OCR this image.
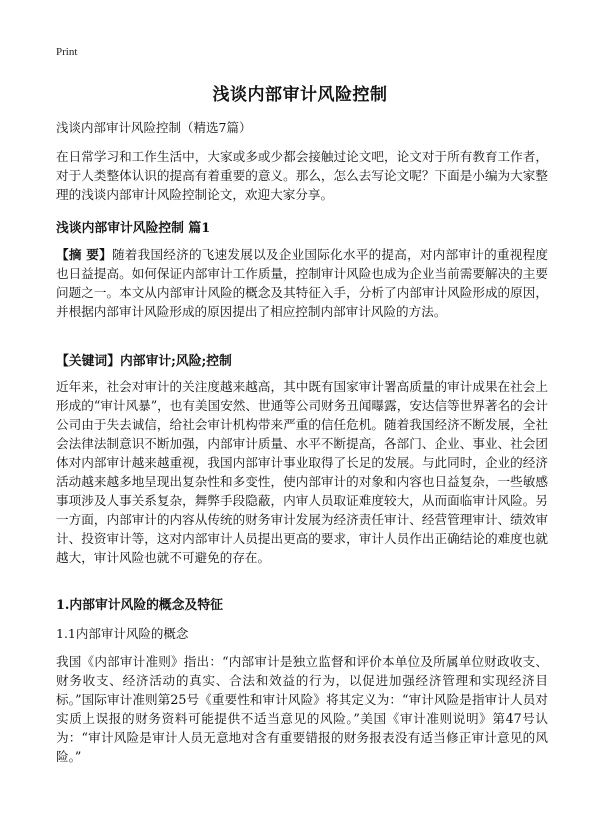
Print
浅谈内部审计风险控制
浅谈内部审计风险控制（精选7篇）

在日常学习和工作生活中，大家或多或少都会接触过论文吧，论文对于所有教育工作者，对于人类整体认识的提高有着重要的意义。那么，怎么去写论文呢？下面是小编为大家整理的浅谈内部审计风险控制论文，欢迎大家分享。

浅谈内部审计风险控制 篇1

【摘 要】随着我国经济的飞速发展以及企业国际化水平的提高，对内部审计的重视程度也日益提高。如何保证内部审计工作质量，控制审计风险也成为企业当前需要解决的主要问题之一。本文从内部审计风险的概念及其特征入手，分析了内部审计风险形成的原因，并根据内部审计风险形成的原因提出了相应控制内部审计风险的方法。

【关键词】内部审计;风险;控制

近年来，社会对审计的关注度越来越高，其中既有国家审计署高质量的审计成果在社会上形成的“审计风暴”，也有美国安然、世通等公司财务丑闻曝露，安达信等世界著名的会计公司由于失去诚信，给社会审计机构带来严重的信任危机。随着我国经济不断发展，全社会法律法制意识不断加强，内部审计质量、水平不断提高，各部门、企业、事业、社会团体对内部审计越来越重视，我国内部审计事业取得了长足的发展。与此同时，企业的经济活动越来越多地呈现出复杂性和多变性，使内部审计的对象和内容也日益复杂，一些敏感事项涉及人事关系复杂，舞弊手段隐蔽，内审人员取证难度较大，从而面临审计风险。另一方面，内部审计的内容从传统的财务审计发展为经济责任审计、经营管理审计、绩效审计、投资审计等，这对内部审计人员提出更高的要求，审计人员作出正确结论的难度也就越大，审计风险也就不可避免的存在。

1.内部审计风险的概念及特征
1.1内部审计风险的概念

我国《内部审计准则》指出：“内部审计是独立监督和评价本单位及所属单位财政收支、财务收支、经济活动的真实、合法和效益的行为，以促进加强经济管理和实现经济目标。”国际审计准则第25号《重要性和审计风险》将其定义为：“审计风险是指审计人员对实质上误报的财务资料可能提供不适当意见的风险。”美国《审计准则说明》第47号认为：“审计风险是审计人员无意地对含有重要错报的财务报表没有适当修正审计意见的风险。”
